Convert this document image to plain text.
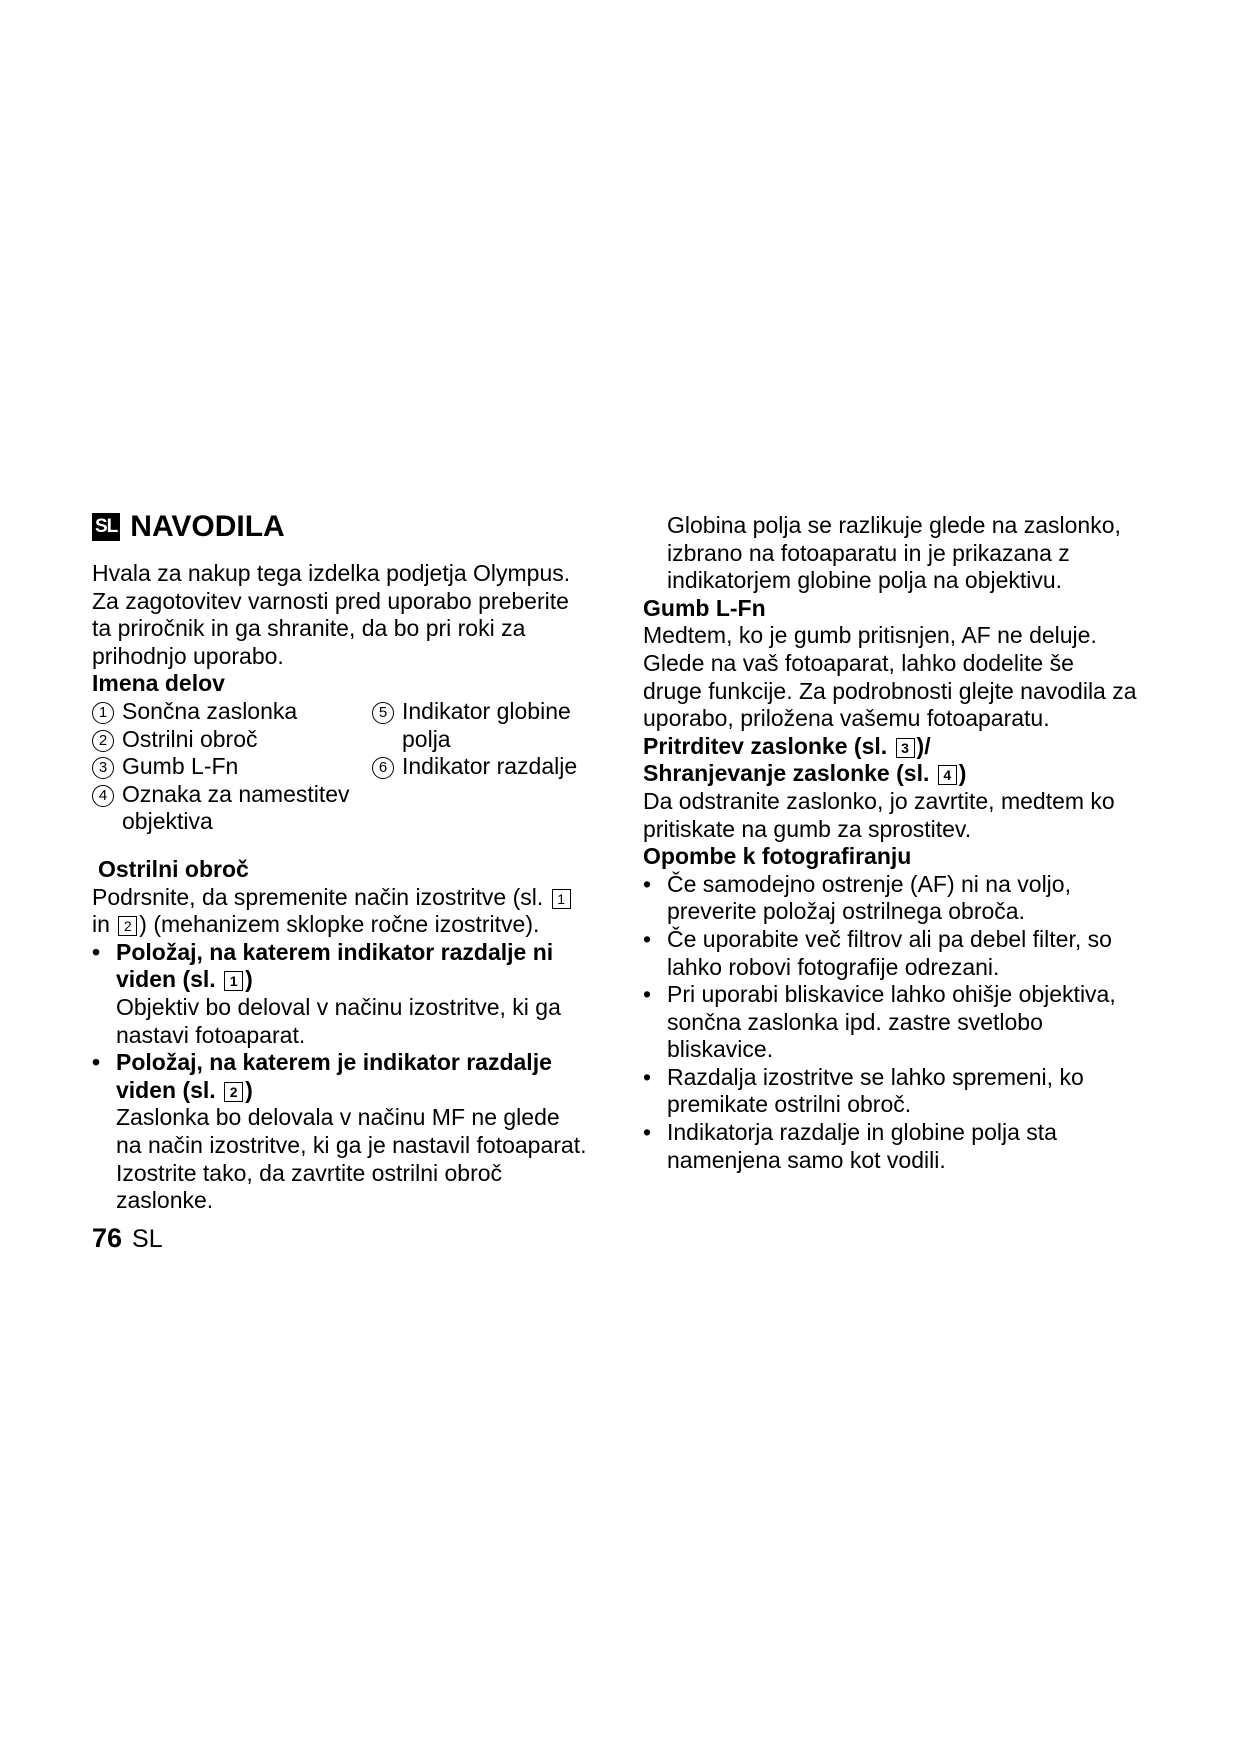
SL NAVODILA

Hvala za nakup tega izdelka podjetja Olympus.

Za zagotovitev varnosti pred uporabo preberite

ta priročnik in ga shranite, da bo pri roki za

prihodnjo uporabo.

Imena delov

1 Sončna zaslonka
2 Ostrilni obroč
3 Gumb L-Fn
4 Oznaka za namestitev
objektiva
5 Indikator globine
polja
6 Indikator razdalje

Ostrilni obroč

Podrsnite, da spremenite način izostritve (sl. 1

in 2 ) (mehanizem sklopke ročne izostritve).

• Položaj, na katerem indikator razdalje ni
viden (sl. 1 )

Objektiv bo deloval v načinu izostritve, ki ga

nastavi fotoaparat.

• Položaj, na katerem je indikator razdalje
viden (sl. 2 )

Zaslonka bo delovala v načinu MF ne glede

na način izostritve, ki ga je nastavil fotoaparat.

Izostrite tako, da zavrtite ostrilni obroč

zaslonke.

Globina polja se razlikuje glede na zaslonko,

izbrano na fotoaparatu in je prikazana z

indikatorjem globine polja na objektivu.

Gumb L-Fn

Medtem, ko je gumb pritisnjen, AF ne deluje.

Glede na vaš fotoaparat, lahko dodelite še

druge funkcije. Za podrobnosti glejte navodila za

uporabo, priložena vašemu fotoaparatu.

Pritrditev zaslonke (sl. 3 )/

Shranjevanje zaslonke (sl. 4 )

Da odstranite zaslonko, jo zavrtite, medtem ko

pritiskate na gumb za sprostitev.

Opombe k fotografiranju

• Če samodejno ostrenje (AF) ni na voljo,
preverite položaj ostrilnega obroča.
• Če uporabite več filtrov ali pa debel filter, so
lahko robovi fotografije odrezani.
• Pri uporabi bliskavice lahko ohišje objektiva,
sončna zaslonka ipd. zastre svetlobo
bliskavice.
• Razdalja izostritve se lahko spremeni, ko
premikate ostrilni obroč.
• Indikatorja razdalje in globine polja sta
namenjena samo kot vodili.
76 SL
